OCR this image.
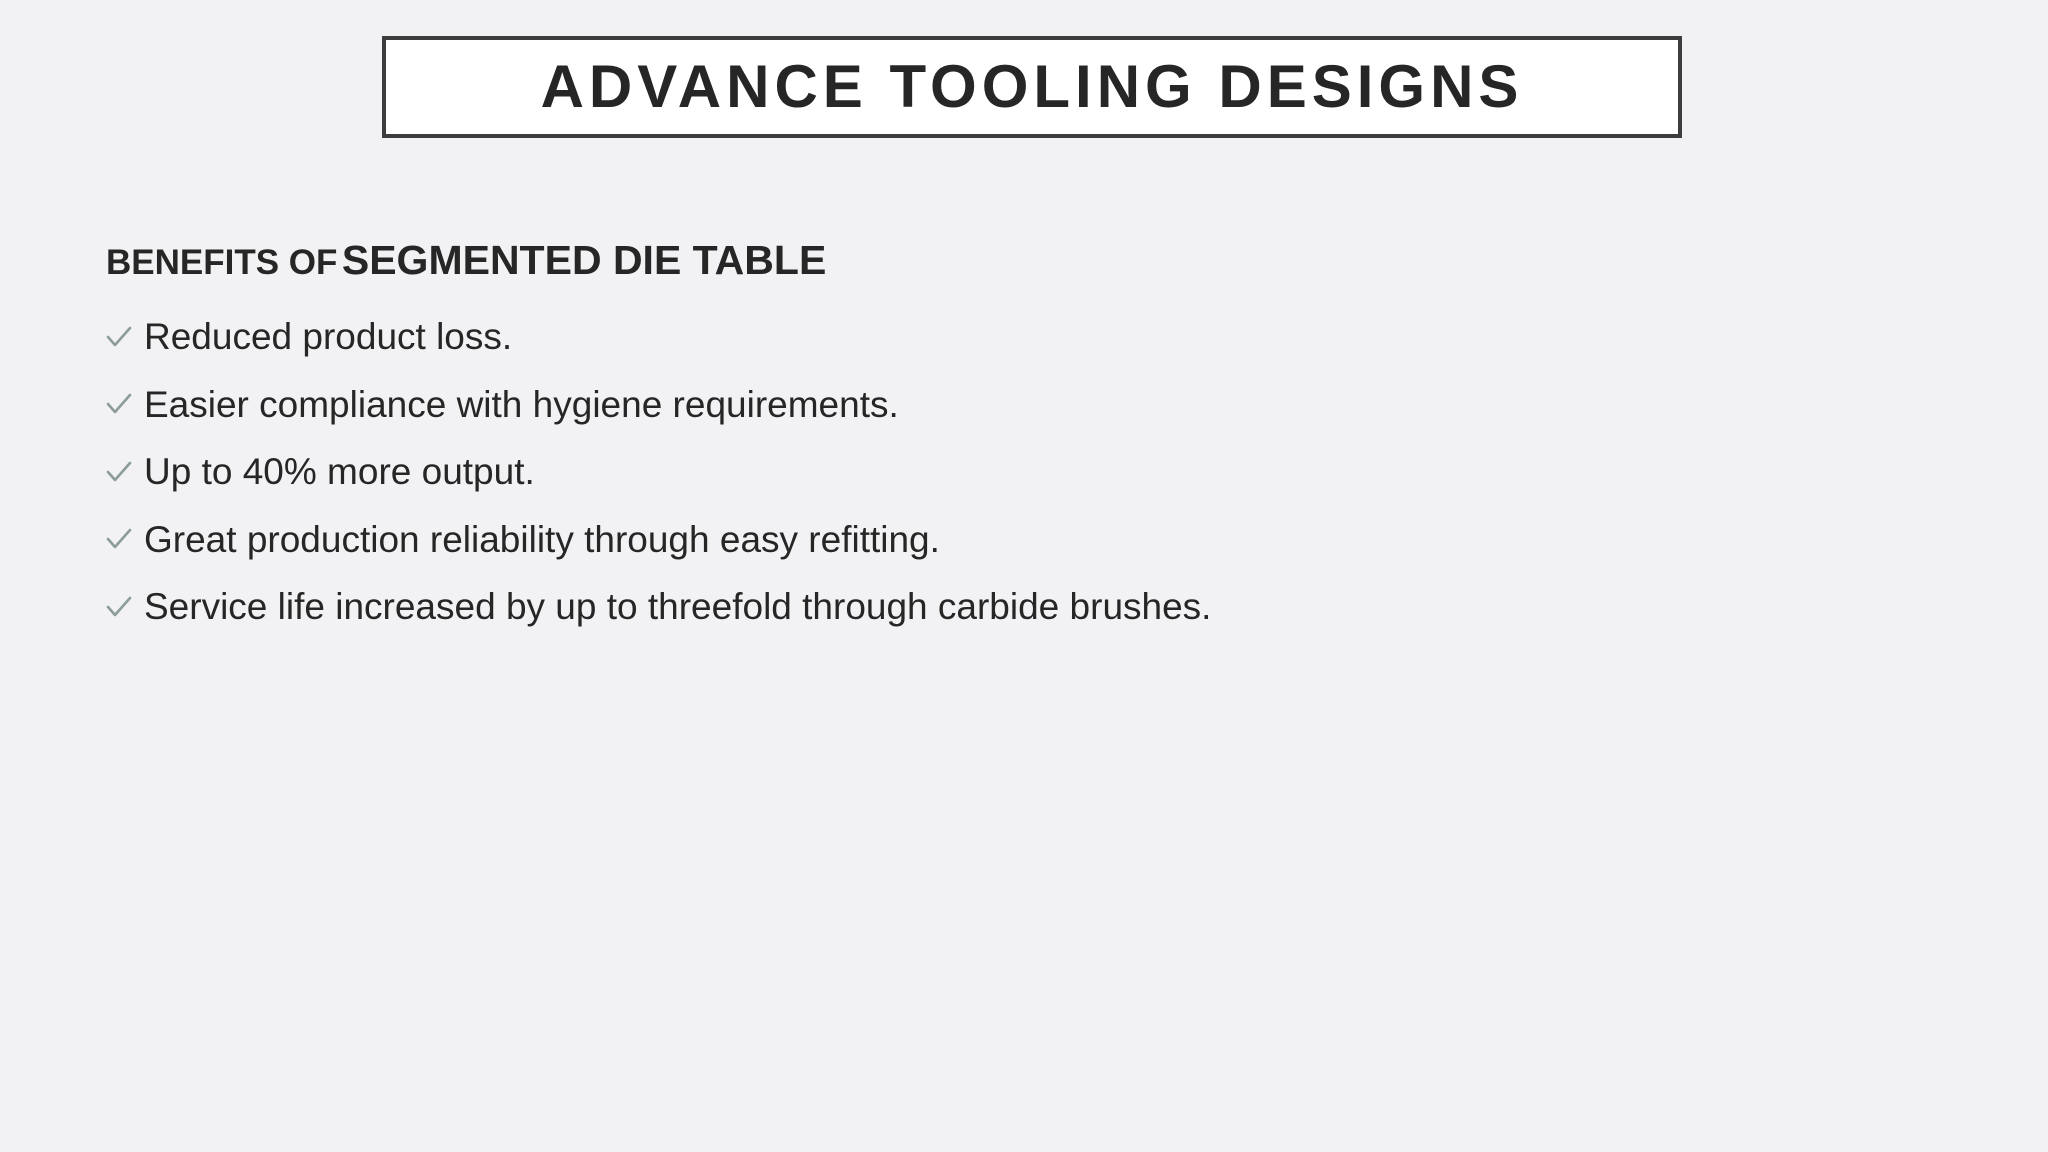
ADVANCE TOOLING DESIGNS
BENEFITS OF SEGMENTED DIE TABLE
Reduced product loss.
Easier compliance with hygiene requirements.
Up to 40% more output.
Great production reliability through easy refitting.
Service life increased by up to threefold through carbide brushes.
